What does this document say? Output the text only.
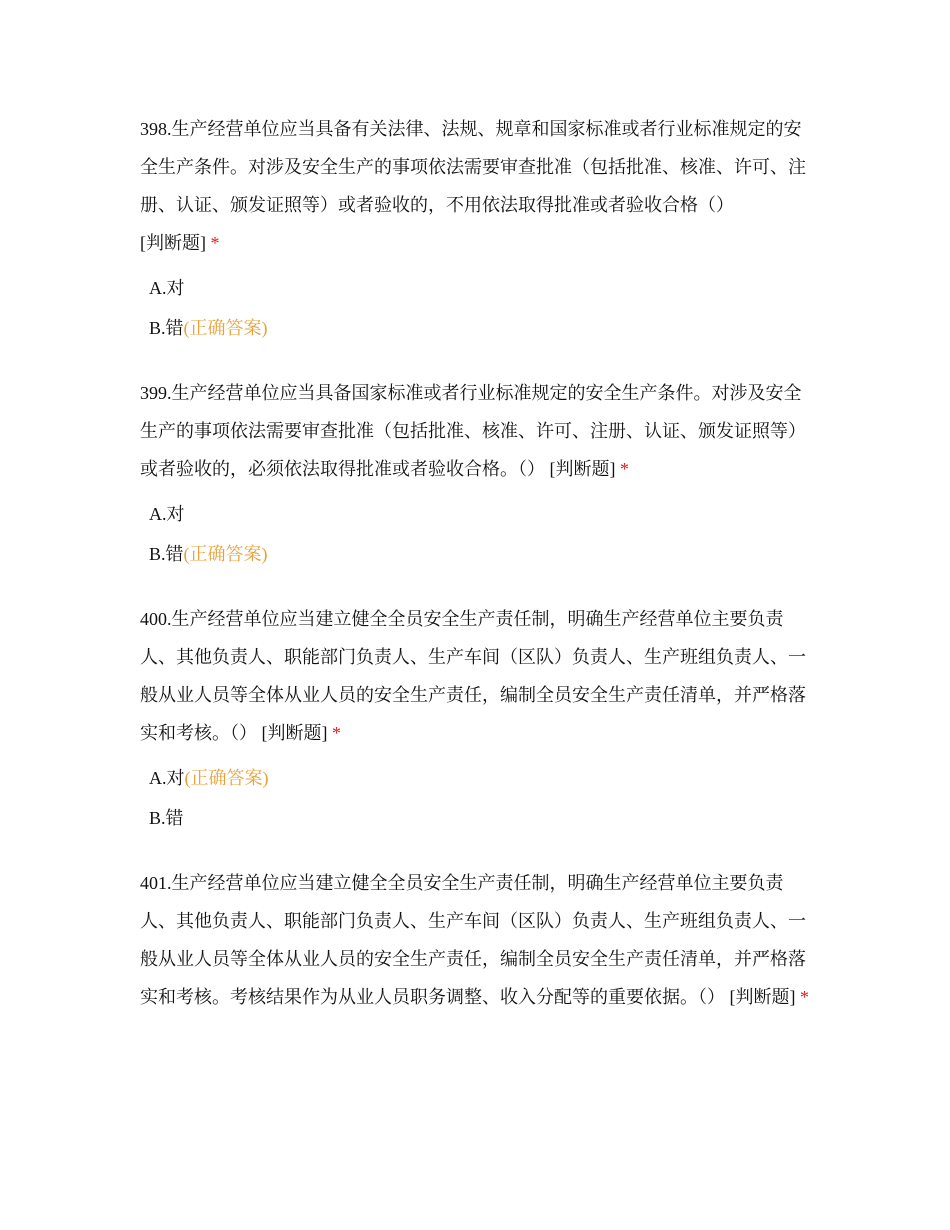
398.生产经营单位应当具备有关法律、法规、规章和国家标准或者行业标准规定的安全生产条件。对涉及安全生产的事项依法需要审查批准（包括批准、核准、许可、注册、认证、颁发证照等）或者验收的，不用依法取得批准或者验收合格（） [判断题] *

A.对
B.错(正确答案)

399.生产经营单位应当具备国家标准或者行业标准规定的安全生产条件。对涉及安全生产的事项依法需要审查批准（包括批准、核准、许可、注册、认证、颁发证照等）或者验收的，必须依法取得批准或者验收合格。（） [判断题] *

A.对
B.错(正确答案)

400.生产经营单位应当建立健全全员安全生产责任制，明确生产经营单位主要负责人、其他负责人、职能部门负责人、生产车间（区队）负责人、生产班组负责人、一般从业人员等全体从业人员的安全生产责任，编制全员安全生产责任清单，并严格落实和考核。（） [判断题] *

A.对(正确答案)
B.错

401.生产经营单位应当建立健全全员安全生产责任制，明确生产经营单位主要负责人、其他负责人、职能部门负责人、生产车间（区队）负责人、生产班组负责人、一般从业人员等全体从业人员的安全生产责任，编制全员安全生产责任清单，并严格落实和考核。考核结果作为从业人员职务调整、收入分配等的重要依据。（） [判断题] *
